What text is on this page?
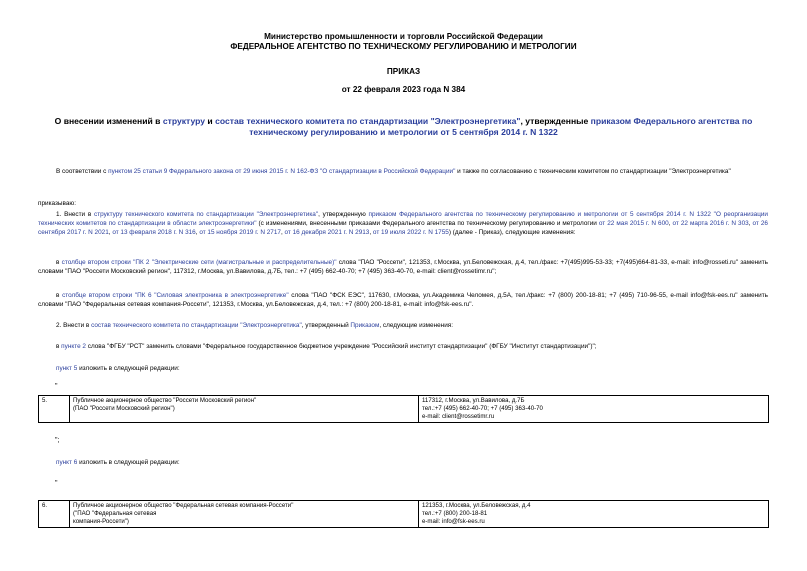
Министерство промышленности и торговли Российской Федерации
ФЕДЕРАЛЬНОЕ АГЕНТСТВО ПО ТЕХНИЧЕСКОМУ РЕГУЛИРОВАНИЮ И МЕТРОЛОГИИ
ПРИКАЗ
от 22 февраля 2023 года N 384
О внесении изменений в структуру и состав технического комитета по стандартизации "Электроэнергетика", утвержденные приказом Федерального агентства по техническому регулированию и метрологии от 5 сентября 2014 г. N 1322
В соответствии с пунктом 25 статьи 9 Федерального закона от 29 июня 2015 г. N 162-ФЗ "О стандартизации в Российской Федерации" и также по согласованию с техническим комитетом по стандартизации "Электроэнергетика"
приказываю:
1. Внести в структуру технического комитета по стандартизации "Электроэнергетика", утвержденную приказом Федерального агентства по техническому регулированию и метрологии от 5 сентября 2014 г. N 1322 "О реорганизации технических комитетов по стандартизации в области электроэнергетики" (с изменениями, внесенными приказами Федерального агентства по техническому регулированию и метрологии от 22 мая 2015 г. N 600, от 22 марта 2016 г. N 303, от 26 сентября 2017 г. N 2021, от 13 февраля 2018 г. N 316, от 15 ноября 2019 г. N 2717, от 16 декабря 2021 г. N 2913, от 19 июля 2022 г. N 1755) (далее - Приказ), следующие изменения:
в столбце втором строки "ПК 2 "Электрические сети (магистральные и распределительные)" слова "ПАО "Россети", 121353, г.Москва, ул.Беловежская, д.4, тел./факс: +7(495)995-53-33; +7(495)664-81-33, e-mail: info@rosseti.ru" заменить словами "ПАО "Россети Московский регион", 117312, г.Москва, ул.Вавилова, д.7Б, тел.: +7 (495) 662-40-70; +7 (495) 363-40-70, e-mail: client@rossetimr.ru";
в столбце втором строки "ПК 6 "Силовая электроника в электроэнергетике" слова "ПАО "ФСК ЕЭС", 117630, г.Москва, ул.Академика Челомея, д.5А, тел./факс: +7 (800) 200-18-81; +7 (495) 710-96-55, e-mail info@fsk-ees.ru" заменить словами "ПАО "Федеральная сетевая компания-Россети", 121353, г.Москва, ул.Беловежская, д.4, тел.: +7 (800) 200-18-81, e-mail: info@fsk-ees.ru".
2. Внести в состав технического комитета по стандартизации "Электроэнергетика", утвержденный Приказом, следующие изменения:
в пункте 2 слова "ФГБУ "РСТ" заменить словами "Федеральное государственное бюджетное учреждение "Российский институт стандартизации" (ФГБУ "Институт стандартизации")";
пункт 5 изложить в следующей редакции:
"
5.	Публичное акционерное общество "Россети Московский регион"
(ПАО "Россети Московский регион")

117312, г.Москва, ул.Вавилова, д.7Б
тел.:+7 (495) 662-40-70; +7 (495) 363-40-70
e-mail: client@rossetimr.ru
";
пункт 6 изложить в следующей редакции:
"
6.	Публичное акционерное общество "Федеральная сетевая компания-Россети"
("ПАО "Федеральная сетевая
компания-Россети")

121353, г.Москва, ул.Беловежская, д.4
тел.:+7 (800) 200-18-81
e-mail: info@fsk-ees.ru
